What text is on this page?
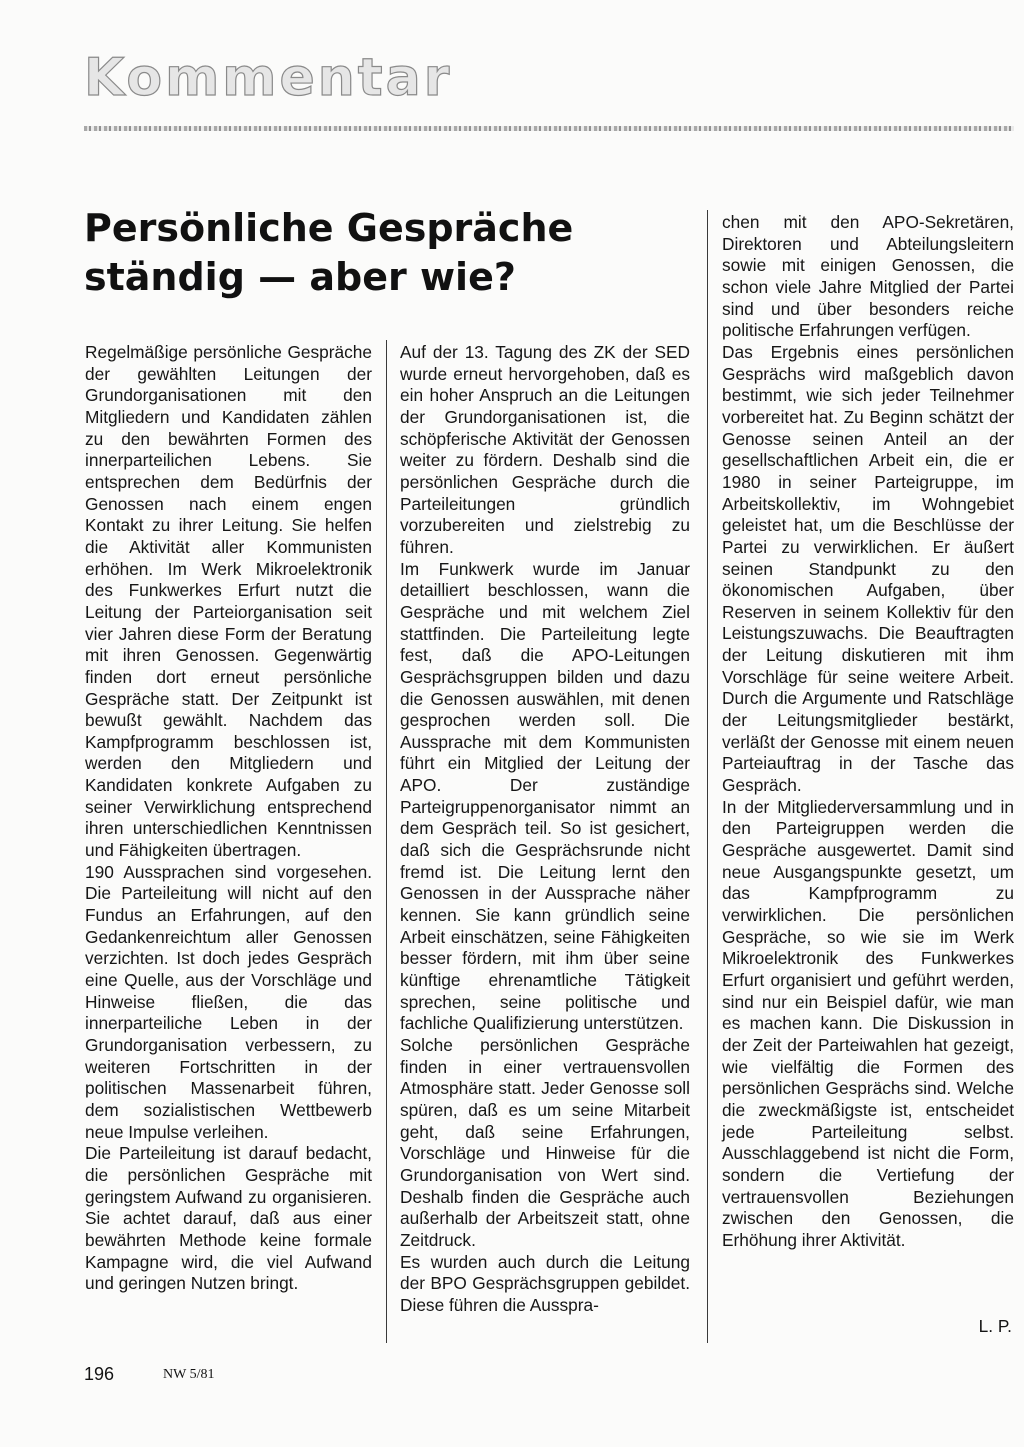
Kommentar
Persönliche Gespräche
ständig — aber wie?

Regelmäßige persönliche Gespräche der gewählten Leitungen der Grundorganisationen mit den Mitgliedern und Kandidaten zählen zu den bewährten Formen des innerparteilichen Lebens. Sie entsprechen dem Bedürfnis der Genossen nach einem engen Kontakt zu ihrer Leitung. Sie helfen die Aktivität aller Kommunisten erhöhen. Im Werk Mikroelektronik des Funkwerkes Erfurt nutzt die Leitung der Parteiorganisation seit vier Jahren diese Form der Beratung mit ihren Genossen. Gegenwärtig finden dort erneut persönliche Gespräche statt. Der Zeitpunkt ist bewußt gewählt. Nachdem das Kampfprogramm beschlossen ist, werden den Mitgliedern und Kandidaten konkrete Aufgaben zu seiner Verwirklichung entsprechend ihren unterschiedlichen Kenntnissen und Fähigkeiten übertragen.

190 Aussprachen sind vorgesehen. Die Parteileitung will nicht auf den Fundus an Erfahrungen, auf den Gedankenreichtum aller Genossen verzichten. Ist doch jedes Gespräch eine Quelle, aus der Vorschläge und Hinweise fließen, die das innerparteiliche Leben in der Grundorganisation verbessern, zu weiteren Fortschritten in der politischen Massenarbeit führen, dem sozialistischen Wettbewerb neue Impulse verleihen.

Die Parteileitung ist darauf bedacht, die persönlichen Gespräche mit geringstem Aufwand zu organisieren. Sie achtet darauf, daß aus einer bewährten Methode keine formale Kampagne wird, die viel Aufwand und geringen Nutzen bringt.

Auf der 13. Tagung des ZK der SED wurde erneut hervorgehoben, daß es ein hoher Anspruch an die Leitungen der Grundorganisationen ist, die schöpferische Aktivität der Genossen weiter zu fördern. Deshalb sind die persönlichen Gespräche durch die Parteileitungen gründlich vorzubereiten und zielstrebig zu führen.

Im Funkwerk wurde im Januar detailliert beschlossen, wann die Gespräche und mit welchem Ziel stattfinden. Die Parteileitung legte fest, daß die APO-Leitungen Gesprächsgruppen bilden und dazu die Genossen auswählen, mit denen gesprochen werden soll. Die Aussprache mit dem Kommunisten führt ein Mitglied der Leitung der APO. Der zuständige Parteigruppenorganisator nimmt an dem Gespräch teil. So ist gesichert, daß sich die Gesprächsrunde nicht fremd ist. Die Leitung lernt den Genossen in der Aussprache näher kennen. Sie kann gründlich seine Arbeit einschätzen, seine Fähigkeiten besser fördern, mit ihm über seine künftige ehrenamtliche Tätigkeit sprechen, seine politische und fachliche Qualifizierung unterstützen.

Solche persönlichen Gespräche finden in einer vertrauensvollen Atmosphäre statt. Jeder Genosse soll spüren, daß es um seine Mitarbeit geht, daß seine Erfahrungen, Vorschläge und Hinweise für die Grundorganisation von Wert sind. Deshalb finden die Gespräche auch außerhalb der Arbeitszeit statt, ohne Zeitdruck.

Es wurden auch durch die Leitung der BPO Gesprächsgruppen gebildet. Diese führen die Ausspra-

chen mit den APO-Sekretären, Direktoren und Abteilungsleitern sowie mit einigen Genossen, die schon viele Jahre Mitglied der Partei sind und über besonders reiche politische Erfahrungen verfügen.

Das Ergebnis eines persönlichen Gesprächs wird maßgeblich davon bestimmt, wie sich jeder Teilnehmer vorbereitet hat. Zu Beginn schätzt der Genosse seinen Anteil an der gesellschaftlichen Arbeit ein, die er 1980 in seiner Parteigruppe, im Arbeitskollektiv, im Wohngebiet geleistet hat, um die Beschlüsse der Partei zu verwirklichen. Er äußert seinen Standpunkt zu den ökonomischen Aufgaben, über Reserven in seinem Kollektiv für den Leistungszuwachs. Die Beauftragten der Leitung diskutieren mit ihm Vorschläge für seine weitere Arbeit. Durch die Argumente und Ratschläge der Leitungsmitglieder bestärkt, verläßt der Genosse mit einem neuen Parteiauftrag in der Tasche das Gespräch.

In der Mitgliederversammlung und in den Parteigruppen werden die Gespräche ausgewertet. Damit sind neue Ausgangspunkte gesetzt, um das Kampfprogramm zu verwirklichen. Die persönlichen Gespräche, so wie sie im Werk Mikroelektronik des Funkwerkes Erfurt organisiert und geführt werden, sind nur ein Beispiel dafür, wie man es machen kann. Die Diskussion in der Zeit der Parteiwahlen hat gezeigt, wie vielfältig die Formen des persönlichen Gesprächs sind. Welche die zweckmäßigste ist, entscheidet jede Parteileitung selbst. Ausschlaggebend ist nicht die Form, sondern die Vertiefung der vertrauensvollen Beziehungen zwischen den Genossen, die Erhöhung ihrer Aktivität.

L. P.

196	NW 5/81
